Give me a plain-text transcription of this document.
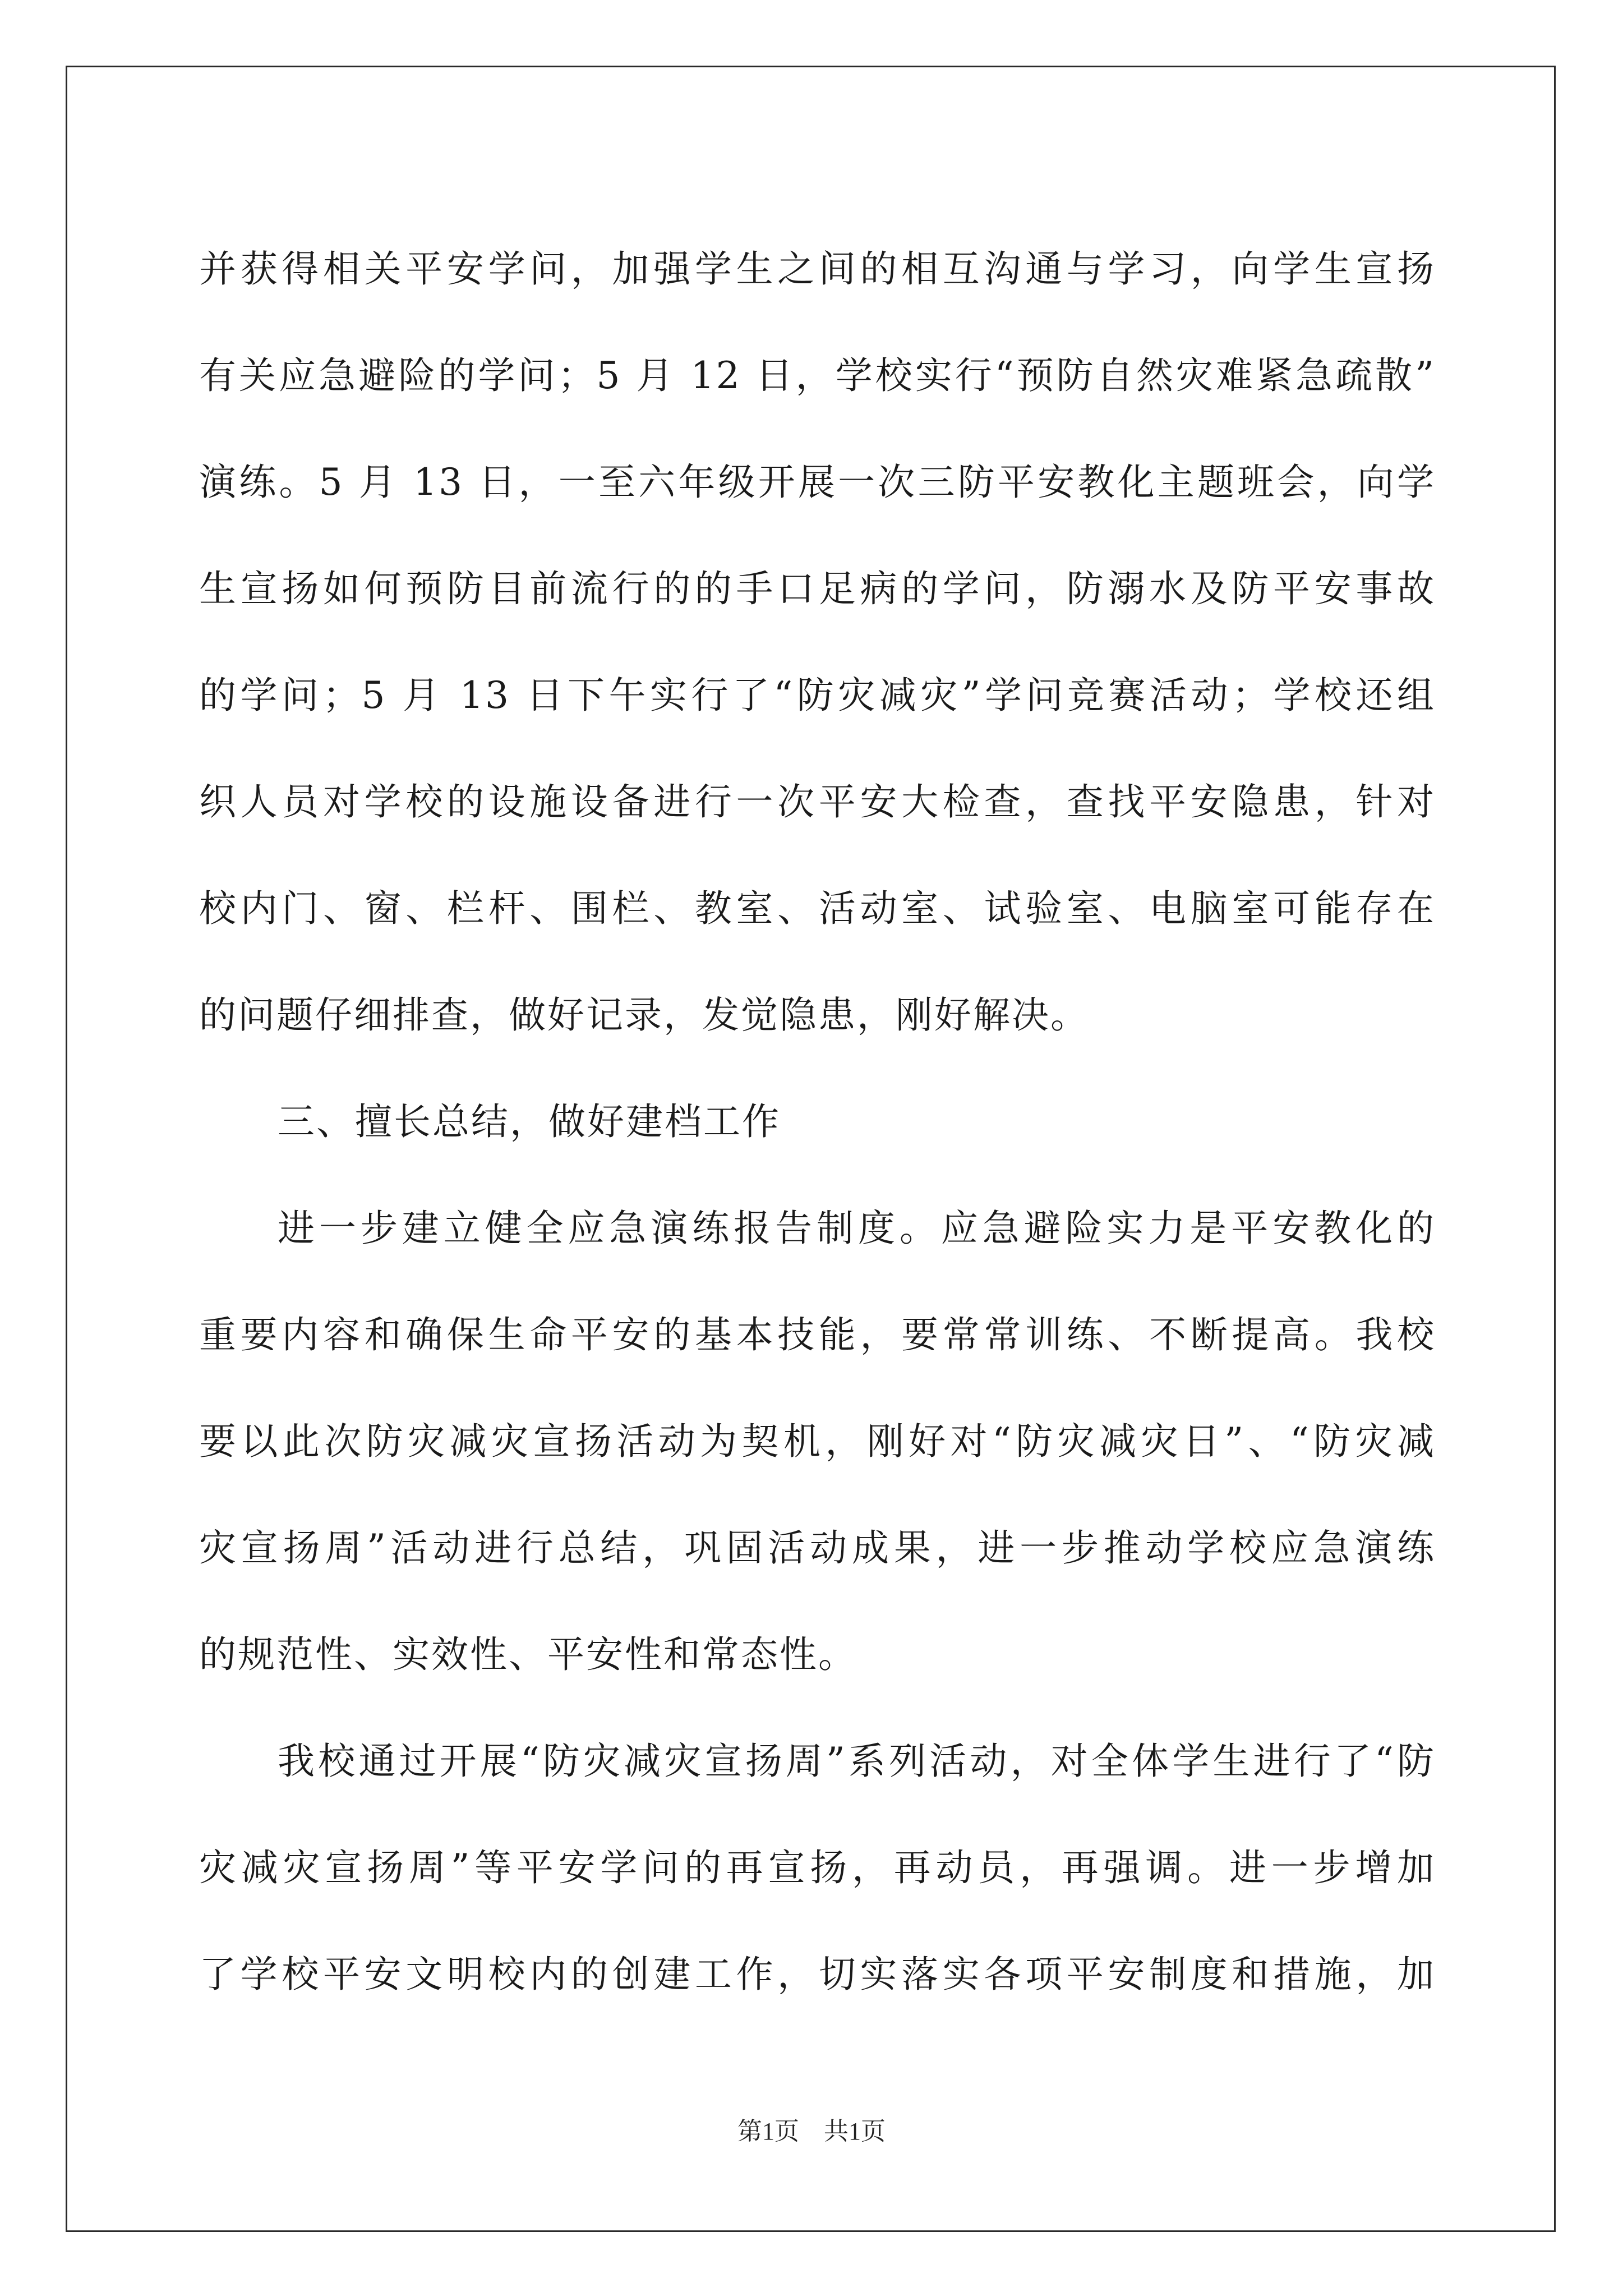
并获得相关平安学问，加强学生之间的相互沟通与学习，向学生宣扬
有关应急避险的学问；5 月 12 日，学校实行“预防自然灾难紧急疏散”
演练。5 月 13 日，一至六年级开展一次三防平安教化主题班会，向学
生宣扬如何预防目前流行的的手口足病的学问，防溺水及防平安事故
的学问；5 月 13 日下午实行了“防灾减灾”学问竞赛活动；学校还组
织人员对学校的设施设备进行一次平安大检查，查找平安隐患，针对
校内门、窗、栏杆、围栏、教室、活动室、试验室、电脑室可能存在
的问题仔细排查，做好记录，发觉隐患，刚好解决。
三、擅长总结，做好建档工作
进一步建立健全应急演练报告制度。应急避险实力是平安教化的
重要内容和确保生命平安的基本技能，要常常训练、不断提高。我校
要以此次防灾减灾宣扬活动为契机，刚好对“防灾减灾日”、“防灾减
灾宣扬周”活动进行总结，巩固活动成果，进一步推动学校应急演练
的规范性、实效性、平安性和常态性。
我校通过开展“防灾减灾宣扬周”系列活动，对全体学生进行了“防
灾减灾宣扬周”等平安学问的再宣扬，再动员，再强调。进一步增加
了学校平安文明校内的创建工作，切实落实各项平安制度和措施，加
第1页　共1页
